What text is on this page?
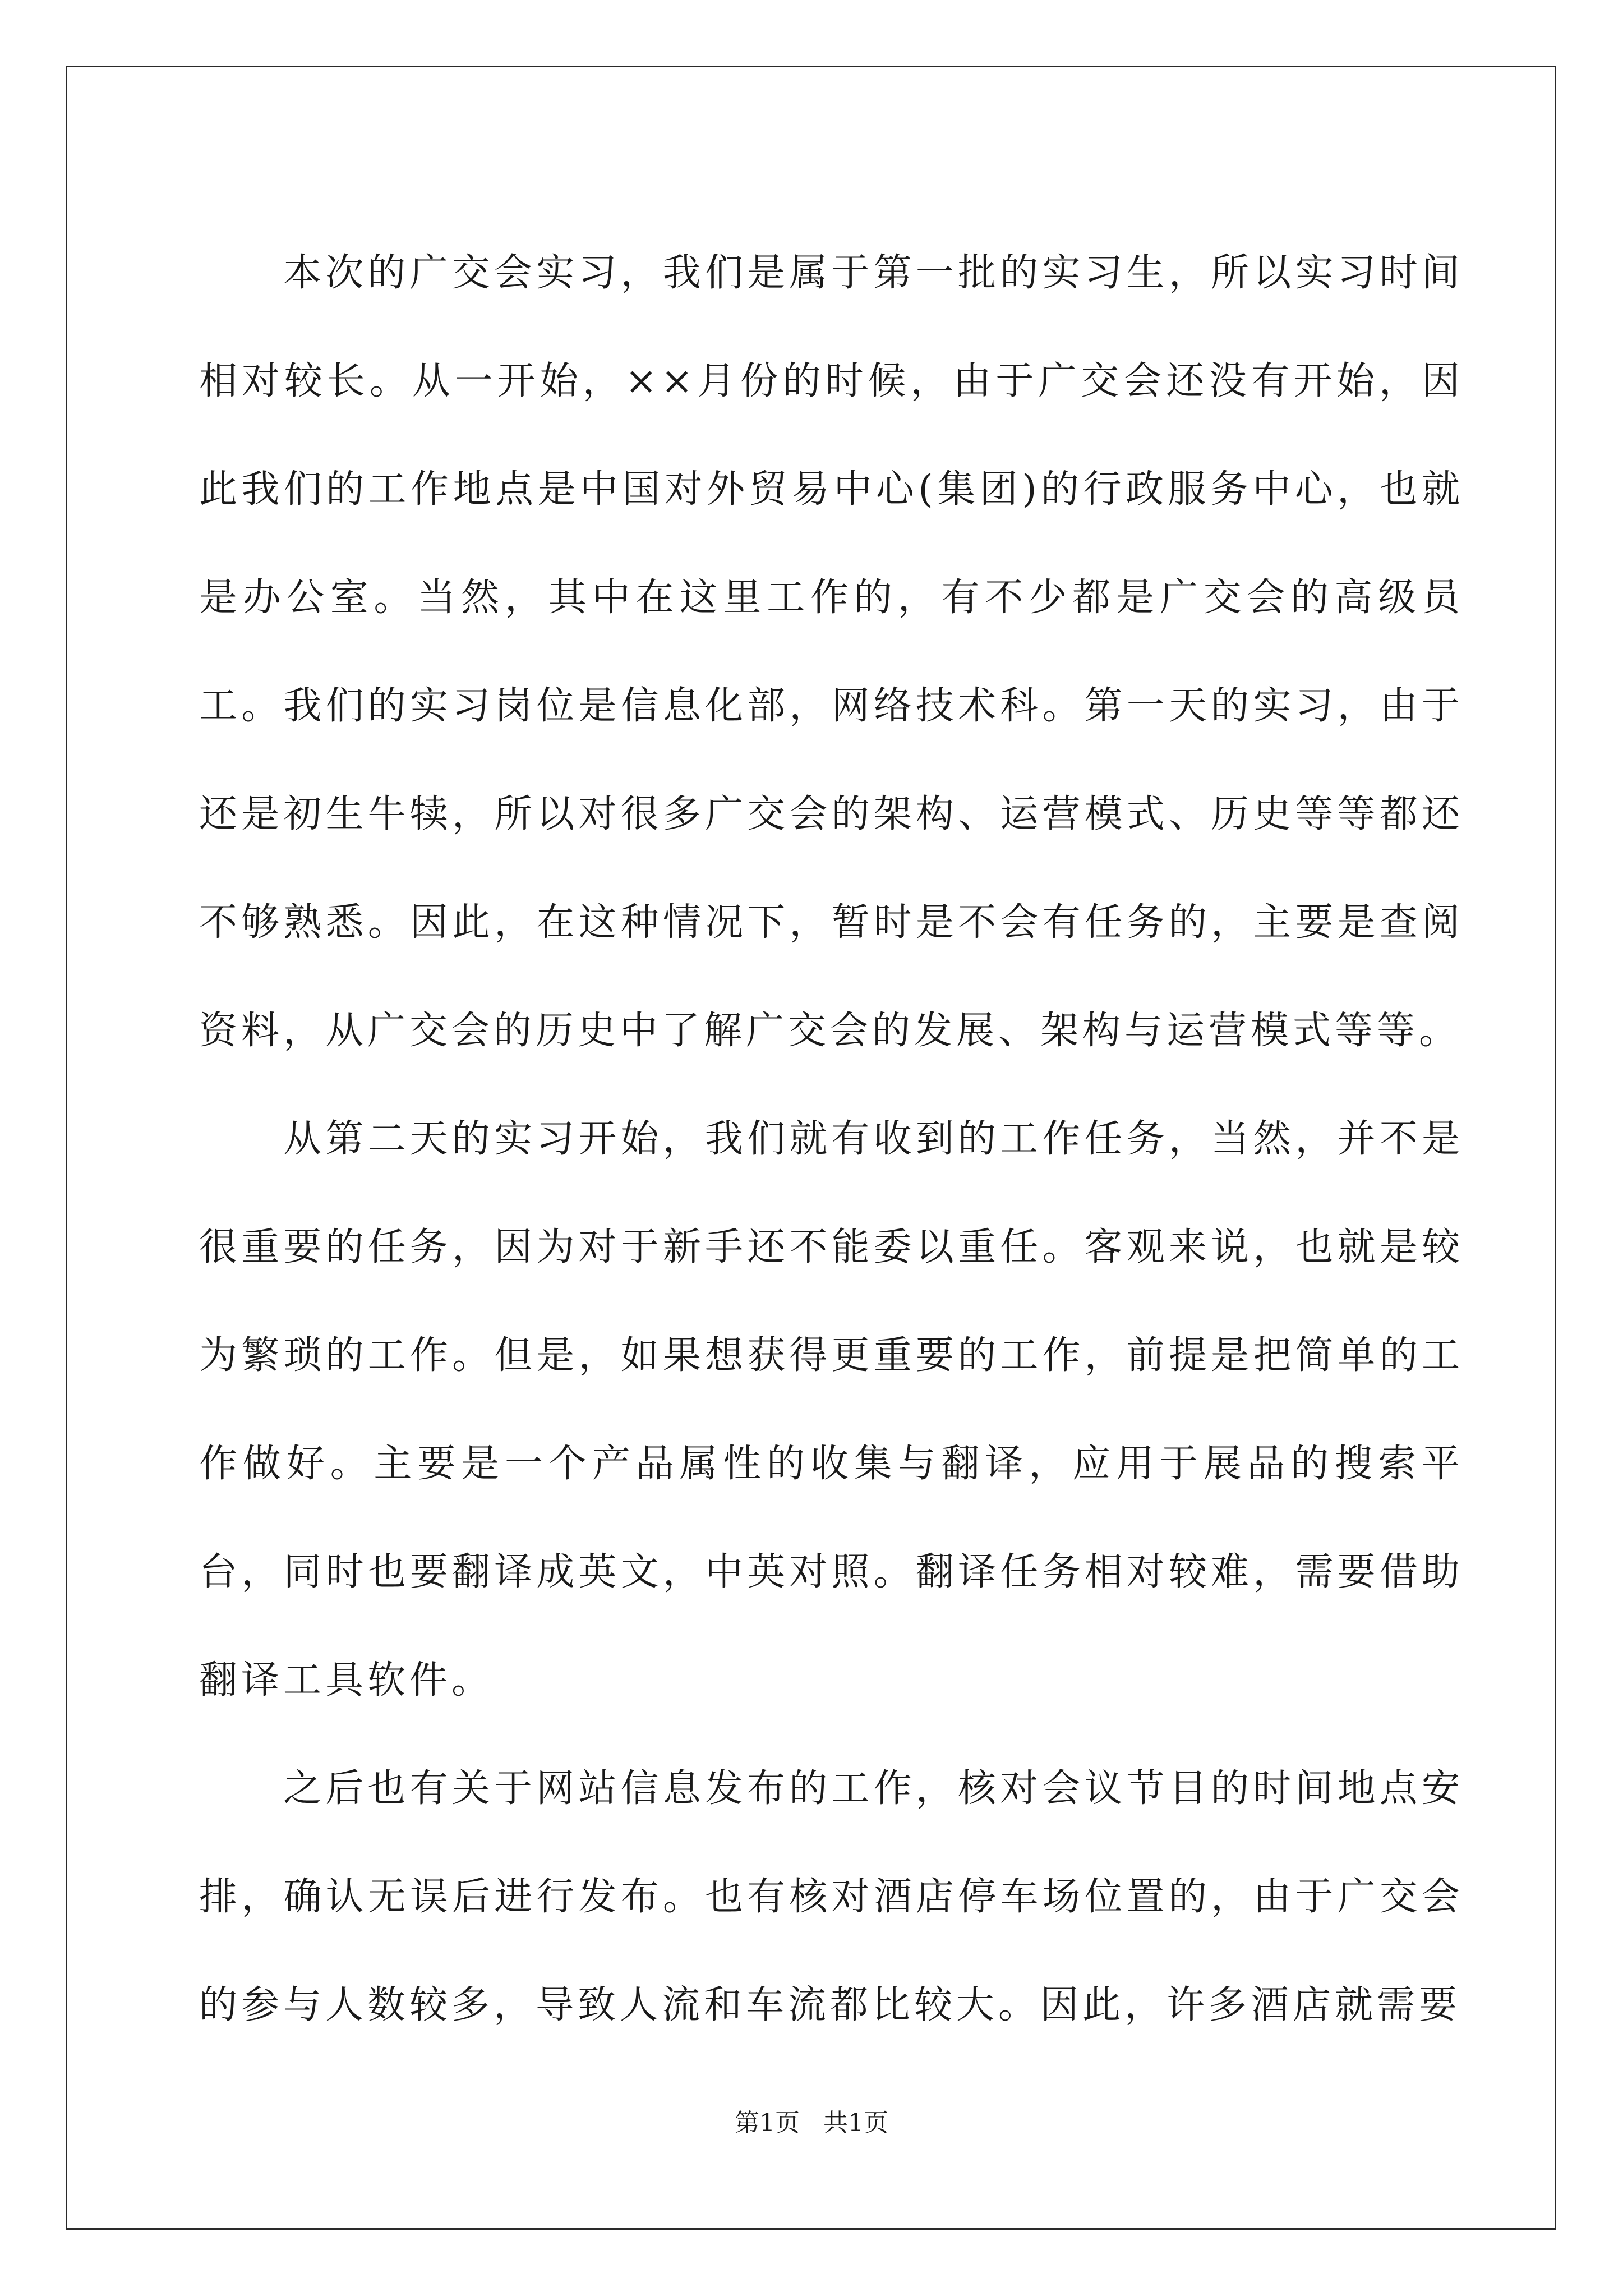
本次的广交会实习，我们是属于第一批的实习生，所以实习时间相对较长。从一开始，××月份的时候，由于广交会还没有开始，因此我们的工作地点是中国对外贸易中心(集团)的行政服务中心，也就是办公室。当然，其中在这里工作的，有不少都是广交会的高级员工。我们的实习岗位是信息化部，网络技术科。第一天的实习，由于还是初生牛犊，所以对很多广交会的架构、运营模式、历史等等都还不够熟悉。因此，在这种情况下，暂时是不会有任务的，主要是查阅资料，从广交会的历史中了解广交会的发展、架构与运营模式等等。

从第二天的实习开始，我们就有收到的工作任务，当然，并不是很重要的任务，因为对于新手还不能委以重任。客观来说，也就是较为繁琐的工作。但是，如果想获得更重要的工作，前提是把简单的工作做好。主要是一个产品属性的收集与翻译，应用于展品的搜索平台，同时也要翻译成英文，中英对照。翻译任务相对较难，需要借助翻译工具软件。

之后也有关于网站信息发布的工作，核对会议节目的时间地点安排，确认无误后进行发布。也有核对酒店停车场位置的，由于广交会的参与人数较多，导致人流和车流都比较大。因此，许多酒店就需要

第1页   共1页
